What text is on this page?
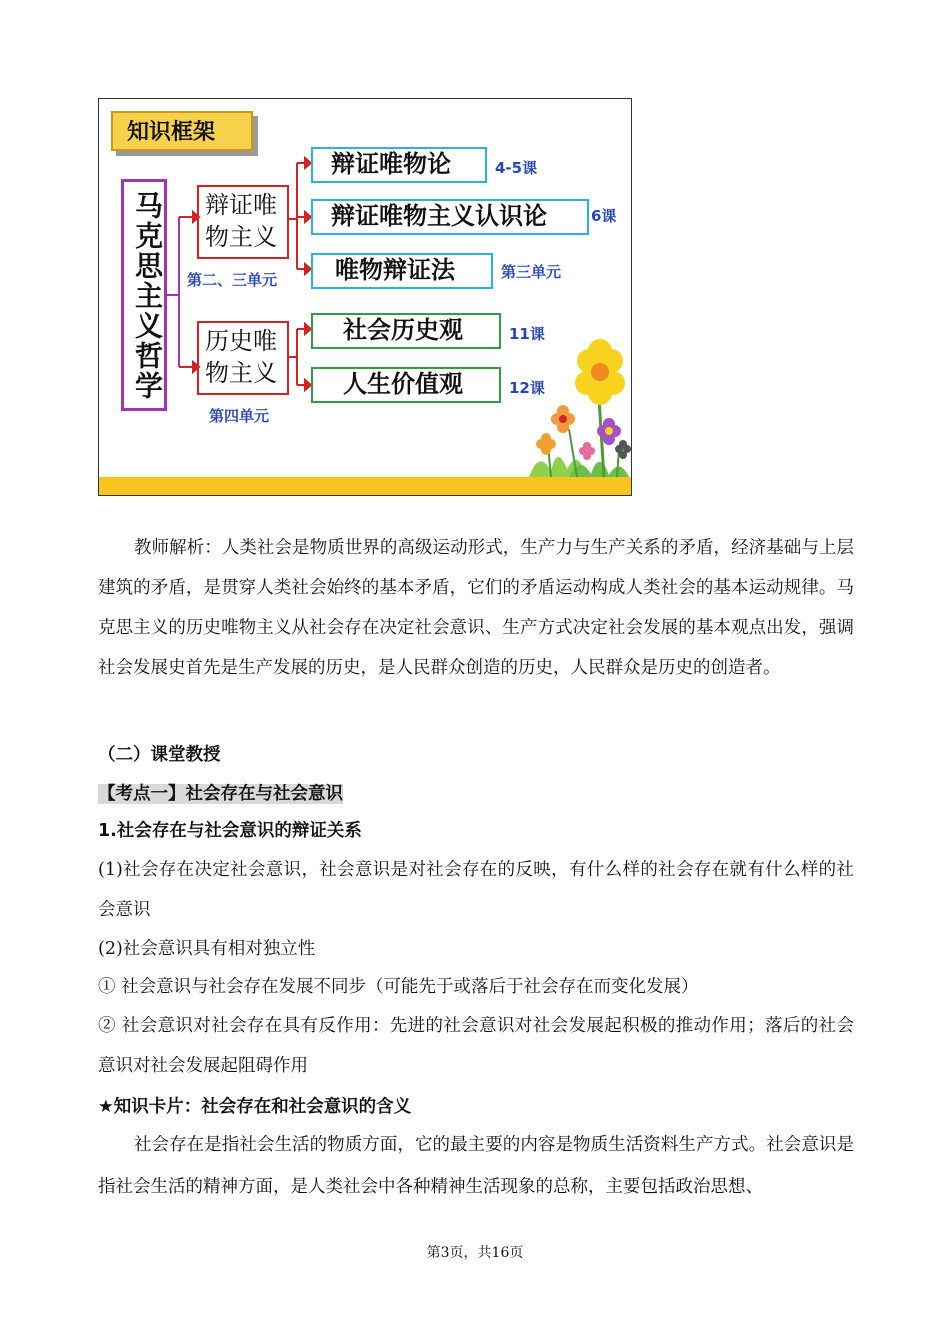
知识框架
马克思主义哲学	辩证唯物主义
第二、三单元
历史唯物主义
第四单元
辩证唯物论	4-5课
辩证唯物主义认识论	6课
唯物辩证法	第三单元
社会历史观	11课
人生价值观	12课
教师解析：人类社会是物质世界的高级运动形式，生产力与生产关系的矛盾，经济基础与上层建筑的矛盾，是贯穿人类社会始终的基本矛盾，它们的矛盾运动构成人类社会的基本运动规律。马克思主义的历史唯物主义从社会存在决定社会意识、生产方式决定社会发展的基本观点出发，强调社会发展史首先是生产发展的历史，是人民群众创造的历史，人民群众是历史的创造者。
（二）课堂教授
【考点一】社会存在与社会意识
1.社会存在与社会意识的辩证关系
(1)社会存在决定社会意识，社会意识是对社会存在的反映，有什么样的社会存在就有什么样的社会意识
(2)社会意识具有相对独立性
① 社会意识与社会存在发展不同步（可能先于或落后于社会存在而变化发展）
② 社会意识对社会存在具有反作用：先进的社会意识对社会发展起积极的推动作用；落后的社会意识对社会发展起阻碍作用
★知识卡片：社会存在和社会意识的含义
社会存在是指社会生活的物质方面，它的最主要的内容是物质生活资料生产方式。社会意识是指社会生活的精神方面，是人类社会中各种精神生活现象的总称，主要包括政治思想、
第3页，共16页
